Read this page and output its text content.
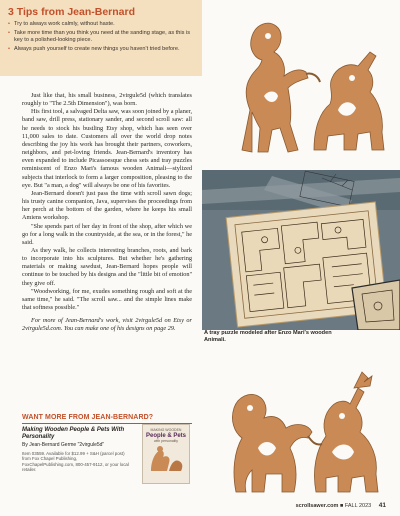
3 Tips from Jean-Bernard
• Try to always work calmly, without haste.
• Take more time than you think you need at the sanding stage, as this is key to a polished-looking piece.
• Always push yourself to create new things you haven't tried before.

Just like that, his small business, 2virgule5d (which translates roughly to "The 2.5th Dimension"), was born.

His first tool, a salvaged Delta saw, was soon joined by a planer, band saw, drill press, stationary sander, and second scroll saw: all he needs to stock his bustling Etsy shop, which has seen over 11,000 sales to date. Customers all over the world drop notes describing the joy his work has brought their partners, coworkers, neighbors, and pet-loving friends. Jean-Bernard's inventory has even expanded to include Picassoesque chess sets and tray puzzles reminiscent of Enzo Mari's famous wooden Animali—stylized subjects that interlock to form a larger composition, pleasing to the eye. But "a man, a dog" will always be one of his favorites.

Jean-Bernard doesn't just pass the time with scroll sawn dogs; his trusty canine companion, Java, supervises the proceedings from her perch at the bottom of the garden, where he keeps his small Amiens workshop.

"She spends part of her day in front of the shop, after which we go for a long walk in the countryside, at the sea, or in the forest," he said.

As they walk, he collects interesting branches, roots, and bark to incorporate into his sculptures. But whether he's gathering materials or making sawdust, Jean-Bernard hopes people will continue to be touched by his designs and the "little bit of emotion" they give off.

"Woodworking, for me, exudes something rough and soft at the same time," he said. "The scroll saw... and the simple lines make that softness possible."

For more of Jean-Bernard's work, visit 2virgule5d on Etsy or 2virgule5d.com. You can make one of his designs on page 29.

WANT MORE FROM JEAN-BERNARD?
Making Wooden People & Pets With Personality
By Jean-Bernard Germe "2virgule5d"
Item 03559. Available for $12.99 + S&H (parcel post) from Fox Chapel Publishing, FoxChapelPublishing.com, 800-457-9112, or your local retailer.
MAKING WOODEN
People & Pets
with personality
A tray puzzle modeled after Enzo Mari's wooden Animali.
scrollsawer.com ■ FALL 2023 41
